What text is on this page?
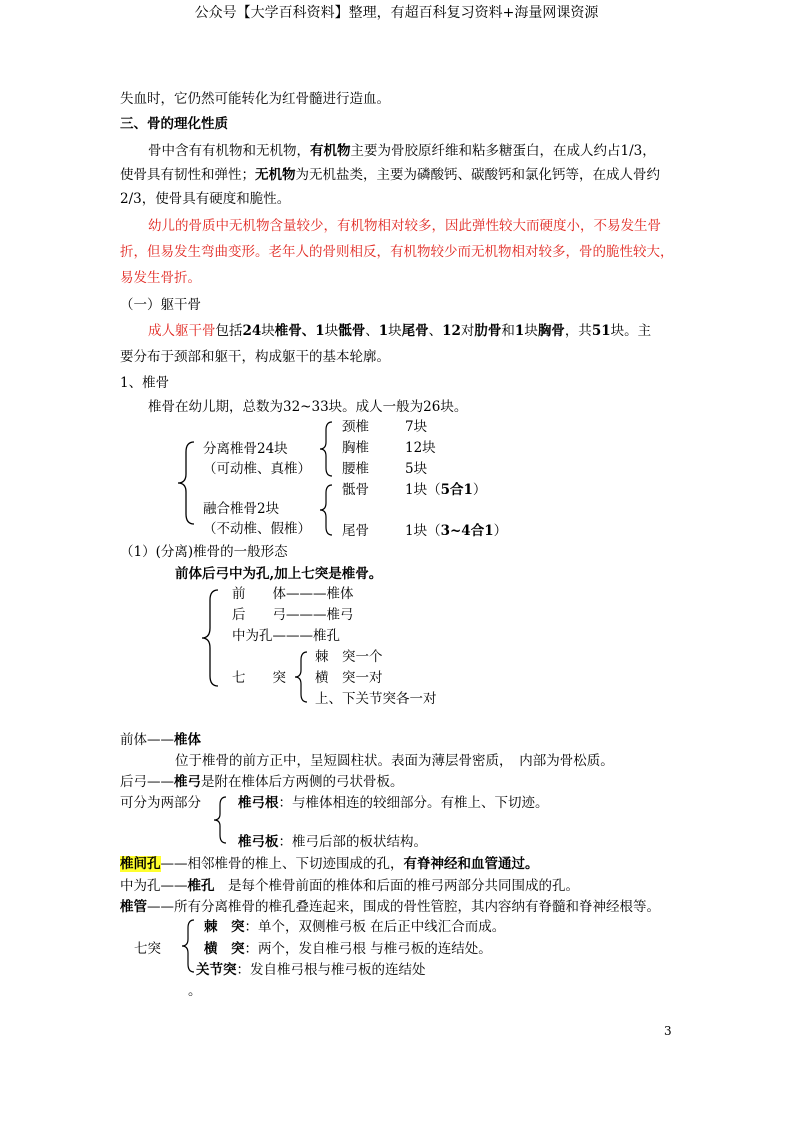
公众号【大学百科资料】整理，有超百科复习资料+海量网课资源
失血时，它仍然可能转化为红骨髓进行造血。
三、骨的理化性质
骨中含有有机物和无机物，有机物主要为骨胶原纤维和粘多糖蛋白，在成人约占1/3，
使骨具有韧性和弹性；无机物为无机盐类，主要为磷酸钙、碳酸钙和氯化钙等，在成人骨约
2/3，使骨具有硬度和脆性。
幼儿的骨质中无机物含量较少，有机物相对较多，因此弹性较大而硬度小，不易发生骨
折，但易发生弯曲变形。老年人的骨则相反，有机物较少而无机物相对较多，骨的脆性较大，
易发生骨折。
（一）躯干骨
成人躯干骨包括24块椎骨、1块骶骨、1块尾骨、12对肋骨和1块胸骨，共51块。主
要分布于颈部和躯干，构成躯干的基本轮廓。
1、椎骨
椎骨在幼儿期，总数为32~33块。成人一般为26块。
分离椎骨24块
（可动椎、真椎）
融合椎骨2块
（不动椎、假椎）
颈椎	7块
胸椎	12块
腰椎	5块
骶骨	1块（5合1）
尾骨	1块（3~4合1）
（1）(分离)椎骨的一般形态
前体后弓中为孔,加上七突是椎骨。
前　　体———椎体
后　　弓———椎弓
中为孔———椎孔
七　　突
棘　突一个
横　突一对
上、下关节突各一对
前体——椎体
位于椎骨的前方正中，呈短圆柱状。表面为薄层骨密质，　内部为骨松质。
后弓——椎弓是附在椎体后方两侧的弓状骨板。
可分为两部分	椎弓根：与椎体相连的较细部分。有椎上、下切迹。
椎弓板：椎弓后部的板状结构。
椎间孔——相邻椎骨的椎上、下切迹围成的孔，有脊神经和血管通过。
中为孔——椎孔　是每个椎骨前面的椎体和后面的椎弓两部分共同围成的孔。
椎管——所有分离椎骨的椎孔叠连起来，围成的骨性管腔，其内容纳有脊髓和脊神经根等。
七突
棘　突：单个，双侧椎弓板 在后正中线汇合而成。
横　突：两个，发自椎弓根 与椎弓板的连结处。
关节突：发自椎弓根与椎弓板的连结处
。
3
